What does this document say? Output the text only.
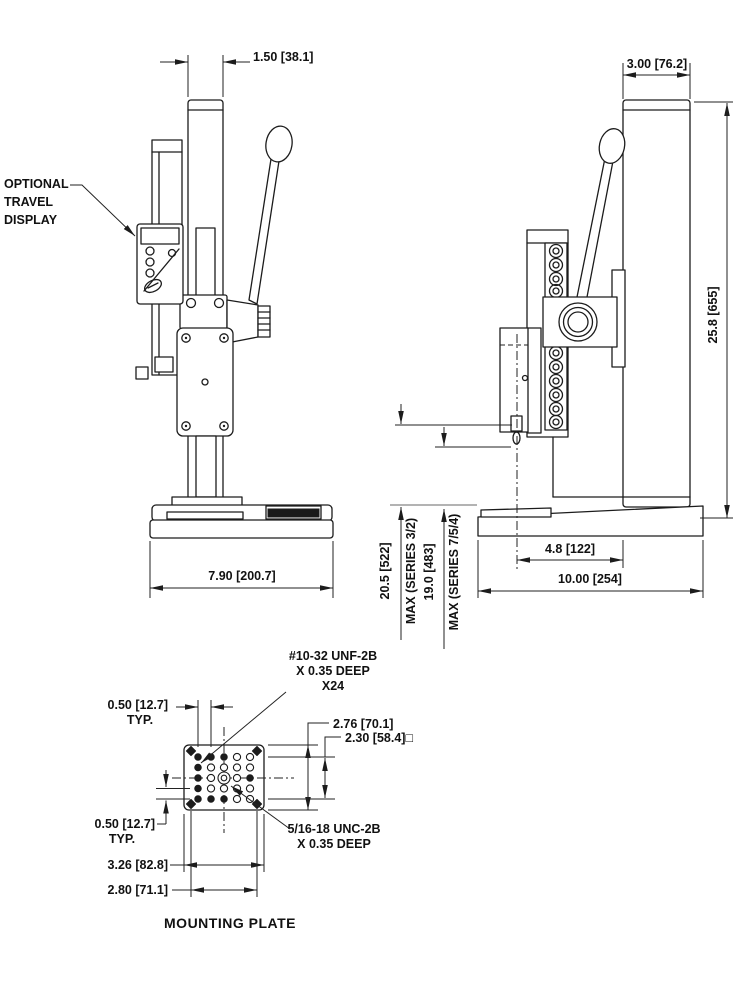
1.50 [38.1]
7.90 [200.7]
OPTIONAL
TRAVEL
DISPLAY
3.00 [76.2]
25.8 [655]
4.8 [122]
10.00 [254]
20.5 [522] MAX (SERIES 3/2) 19.0 [483] MAX (SERIES 7/5/4)
#10-32 UNF-2B
X 0.35 DEEP
X24
5/16-18 UNC-2B
X 0.35 DEEP
0.50 [12.7]
TYP.
0.50 [12.7]
TYP.
2.76 [70.1]
2.30 [58.4]□
3.26 [82.8]
2.80 [71.1]
MOUNTING PLATE
